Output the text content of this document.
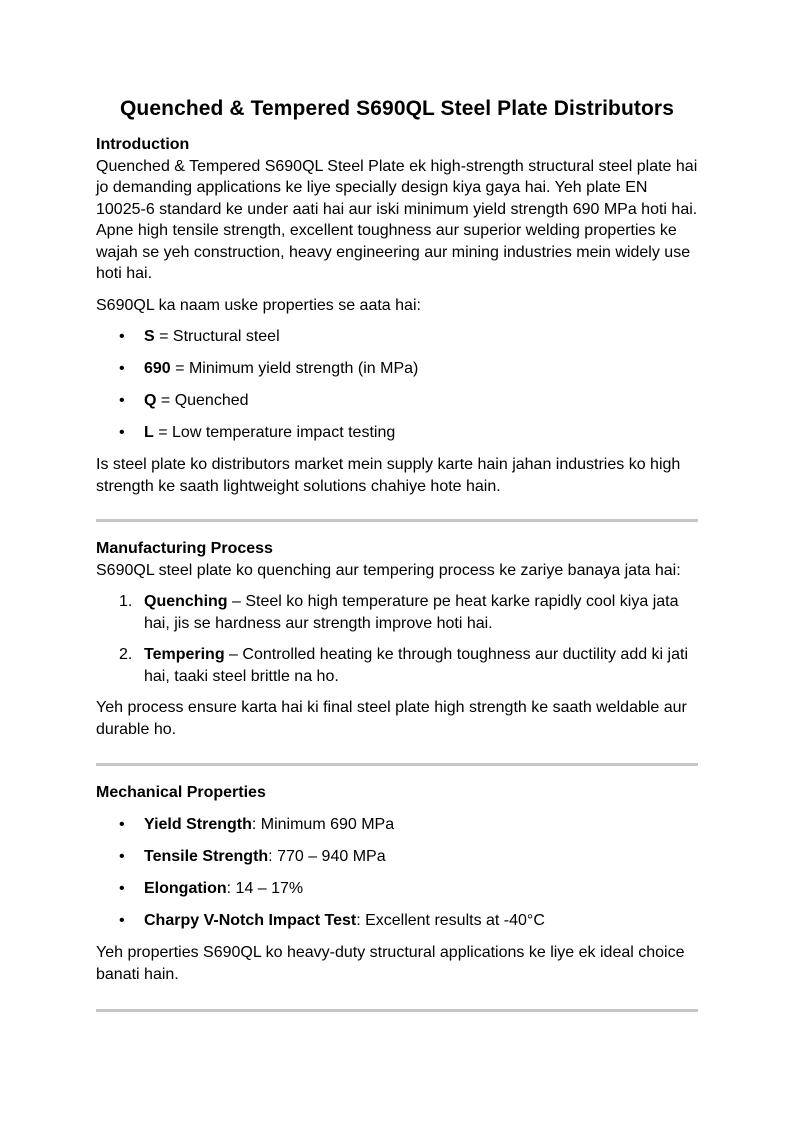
Quenched & Tempered S690QL Steel Plate Distributors
Introduction

Quenched & Tempered S690QL Steel Plate ek high-strength structural steel plate hai jo demanding applications ke liye specially design kiya gaya hai. Yeh plate EN 10025-6 standard ke under aati hai aur iski minimum yield strength 690 MPa hoti hai. Apne high tensile strength, excellent toughness aur superior welding properties ke wajah se yeh construction, heavy engineering aur mining industries mein widely use hoti hai.

S690QL ka naam uske properties se aata hai:

• S = Structural steel
• 690 = Minimum yield strength (in MPa)
• Q = Quenched
• L = Low temperature impact testing

Is steel plate ko distributors market mein supply karte hain jahan industries ko high strength ke saath lightweight solutions chahiye hote hain.

Manufacturing Process

S690QL steel plate ko quenching aur tempering process ke zariye banaya jata hai:

1. Quenching – Steel ko high temperature pe heat karke rapidly cool kiya jata hai, jis se hardness aur strength improve hoti hai.
2. Tempering – Controlled heating ke through toughness aur ductility add ki jati hai, taaki steel brittle na ho.

Yeh process ensure karta hai ki final steel plate high strength ke saath weldable aur durable ho.

Mechanical Properties
• Yield Strength: Minimum 690 MPa
• Tensile Strength: 770 – 940 MPa
• Elongation: 14 – 17%
• Charpy V-Notch Impact Test: Excellent results at -40°C

Yeh properties S690QL ko heavy-duty structural applications ke liye ek ideal choice banati hain.
